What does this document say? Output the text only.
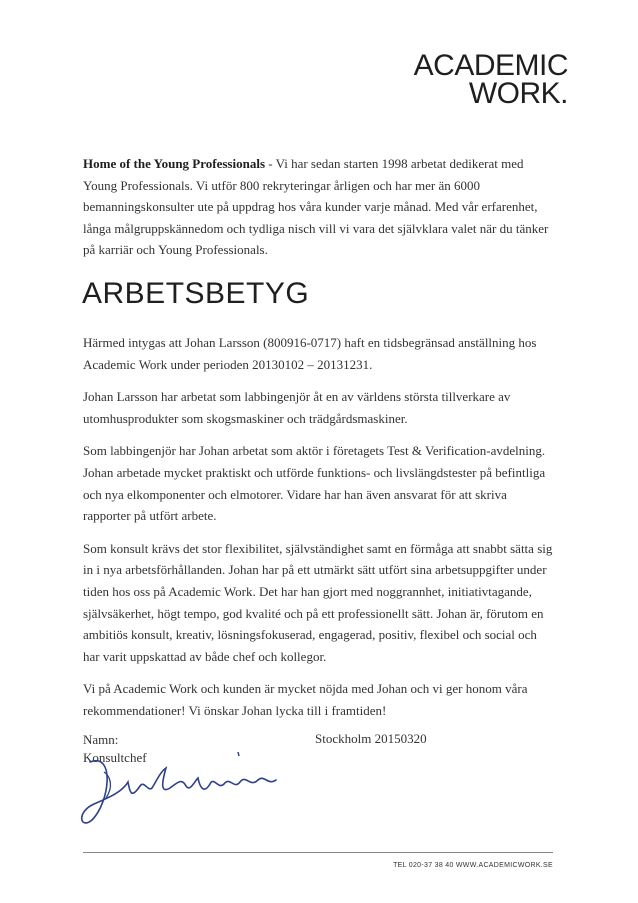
ACADEMIC
WORK.
Home of the Young Professionals - Vi har sedan starten 1998 arbetat dedikerat med Young Professionals. Vi utför 800 rekryteringar årligen och har mer än 6000 bemanningskonsulter ute på uppdrag hos våra kunder varje månad. Med vår erfarenhet, långa målgruppskännedom och tydliga nisch vill vi vara det självklara valet när du tänker på karriär och Young Professionals.
ARBETSBETYG

Härmed intygas att Johan Larsson (800916-0717) haft en tidsbegränsad anställning hos Academic Work under perioden 20130102 – 20131231.

Johan Larsson har arbetat som labbingenjör åt en av världens största tillverkare av utomhusprodukter som skogsmaskiner och trädgårdsmaskiner.

Som labbingenjör har Johan arbetat som aktör i företagets Test & Verification-avdelning. Johan arbetade mycket praktiskt och utförde funktions- och livslängdstester på befintliga och nya elkomponenter och elmotorer. Vidare har han även ansvarat för att skriva rapporter på utfört arbete.

Som konsult krävs det stor flexibilitet, självständighet samt en förmåga att snabbt sätta sig in i nya arbetsförhållanden. Johan har på ett utmärkt sätt utfört sina arbetsuppgifter under tiden hos oss på Academic Work. Det har han gjort med noggrannhet, initiativtagande, självsäkerhet, högt tempo, god kvalité och på ett professionellt sätt. Johan är, förutom en ambitiös konsult, kreativ, lösningsfokuserad, engagerad, positiv, flexibel och social och har varit uppskattad av både chef och kollegor.

Vi på Academic Work och kunden är mycket nöjda med Johan och vi ger honom våra rekommendationer! Vi önskar Johan lycka till i framtiden!

Namn:
Konsultchef
Stockholm 20150320
TEL 020-37 38 40 WWW.ACADEMICWORK.SE
